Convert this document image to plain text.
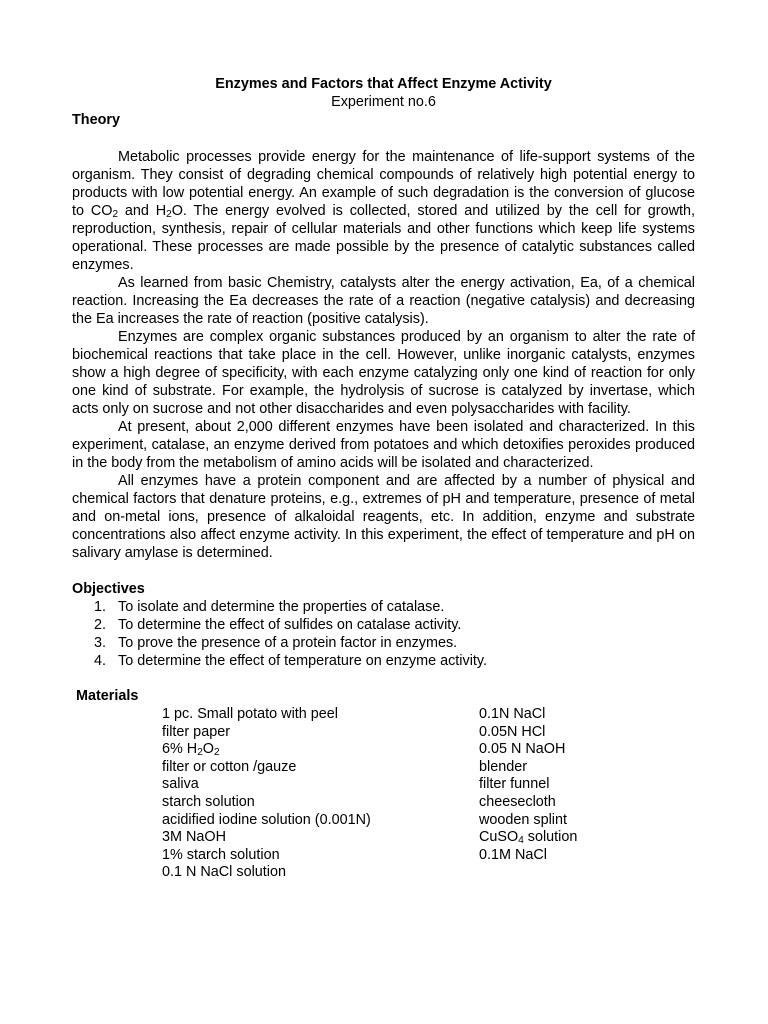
Enzymes and Factors that Affect Enzyme Activity
Experiment no.6
Theory

Metabolic processes provide energy for the maintenance of life-support systems of the organism. They consist of degrading chemical compounds of relatively high potential energy to products with low potential energy. An example of such degradation is the conversion of glucose to $CO_2$ and $H_2O$. The energy evolved is collected, stored and utilized by the cell for growth, reproduction, synthesis, repair of cellular materials and other functions which keep life systems operational. These processes are made possible by the presence of catalytic substances called enzymes.

As learned from basic Chemistry, catalysts alter the energy activation, Ea, of a chemical reaction. Increasing the Ea decreases the rate of a reaction (negative catalysis) and decreasing the Ea increases the rate of reaction (positive catalysis).

Enzymes are complex organic substances produced by an organism to alter the rate of biochemical reactions that take place in the cell. However, unlike inorganic catalysts, enzymes show a high degree of specificity, with each enzyme catalyzing only one kind of reaction for only one kind of substrate. For example, the hydrolysis of sucrose is catalyzed by invertase, which acts only on sucrose and not other disaccharides and even polysaccharides with facility.

At present, about 2,000 different enzymes have been isolated and characterized. In this experiment, catalase, an enzyme derived from potatoes and which detoxifies peroxides produced in the body from the metabolism of amino acids will be isolated and characterized.

All enzymes have a protein component and are affected by a number of physical and chemical factors that denature proteins, e.g., extremes of pH and temperature, presence of metal and on-metal ions, presence of alkaloidal reagents, etc. In addition, enzyme and substrate concentrations also affect enzyme activity. In this experiment, the effect of temperature and pH on salivary amylase is determined.

Objectives
1. To isolate and determine the properties of catalase.
2. To determine the effect of sulfides on catalase activity.
3. To prove the presence of a protein factor in enzymes.
4. To determine the effect of temperature on enzyme activity.
Materials
1 pc. Small potato with peel
filter paper
6% $H_2O_2$
filter or cotton /gauze
saliva
starch solution
acidified iodine solution (0.001N)
3M NaOH
1% starch solution
0.1 N NaCl solution
0.1N NaCl
0.05N HCl
0.05 N NaOH
blender
filter funnel
cheesecloth
wooden splint
CuSO$_4$ solution
0.1M NaCl
